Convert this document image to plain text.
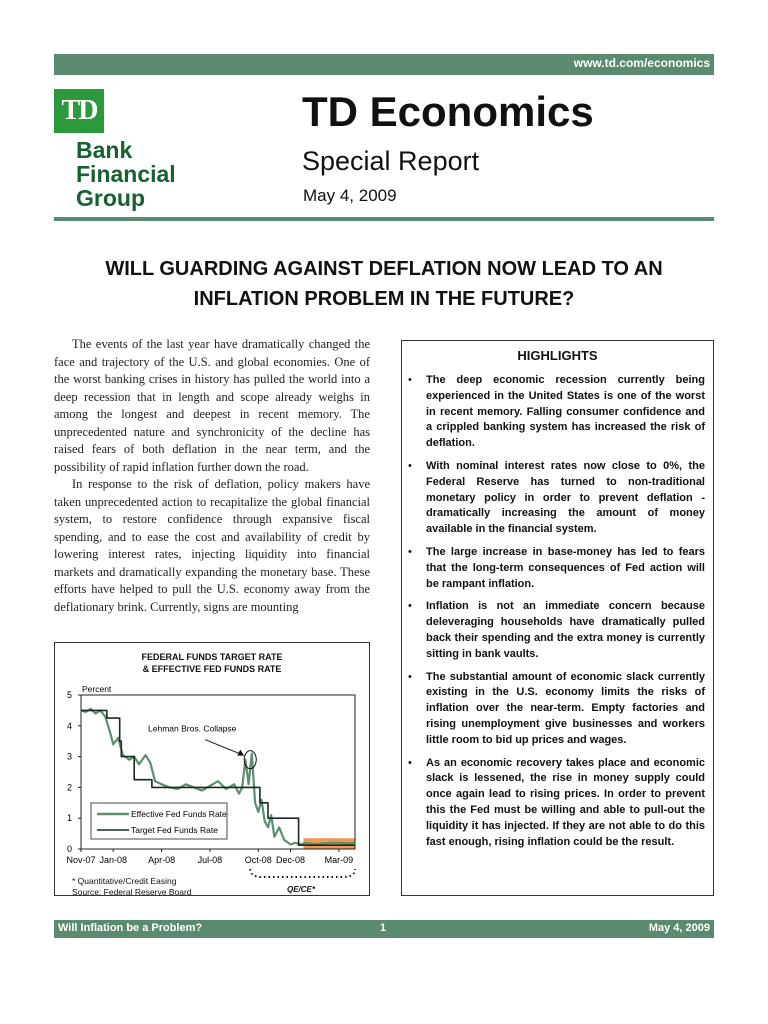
www.td.com/economics
TD
Bank
Financial
Group
TD Economics
Special Report
May 4, 2009
WILL GUARDING AGAINST DEFLATION NOW LEAD TO AN
INFLATION PROBLEM IN THE FUTURE?

The events of the last year have dramatically changed the face and trajectory of the U.S. and global economies. One of the worst banking crises in history has pulled the world into a deep recession that in length and scope already weighs in among the longest and deepest in recent memory. The unprecedented nature and synchronicity of the decline has raised fears of both deflation in the near term, and the possibility of rapid inflation further down the road.

In response to the risk of deflation, policy makers have taken unprecedented action to recapitalize the global financial system, to restore confidence through expansive fiscal spending, and to ease the cost and availability of credit by lowering interest rates, injecting liquidity into financial markets and dramatically expanding the monetary base. These efforts have helped to pull the U.S. economy away from the deflationary brink. Currently, signs are mounting

HIGHLIGHTS
• The deep economic recession currently being experienced in the United States is one of the worst in recent memory. Falling consumer confidence and a crippled banking system has increased the risk of deflation.
• With nominal interest rates now close to 0%, the Federal Reserve has turned to non-traditional monetary policy in order to prevent deflation - dramatically increasing the amount of money available in the financial system.
• The large increase in base-money has led to fears that the long-term consequences of Fed action will be rampant inflation.
• Inflation is not an immediate concern because deleveraging households have dramatically pulled back their spending and the extra money is currently sitting in bank vaults.
• The substantial amount of economic slack currently existing in the U.S. economy limits the risks of inflation over the near-term. Empty factories and rising unemployment give businesses and workers little room to bid up prices and wages.
• As an economic recovery takes place and economic slack is lessened, the rise in money supply could once again lead to rising prices. In order to prevent this the Fed must be willing and able to pull-out the liquidity it has injected. If they are not able to do this fast enough, rising inflation could be the result.
FEDERAL FUNDS TARGET RATE
& EFFECTIVE FED FUNDS RATE
0
1
2
3
4
5
Percent
Nov-07 Jan-08 Apr-08	Jul-08	Oct-08 Dec-08 Mar-09
Effective Fed Funds Rate
Target Fed Funds Rate
Lehman Bros. Collapse
* Quantitative/Credit Easing
Source: Federal Reserve Board	QE/CE*
Will Inflation be a Problem?	1	May 4, 2009
